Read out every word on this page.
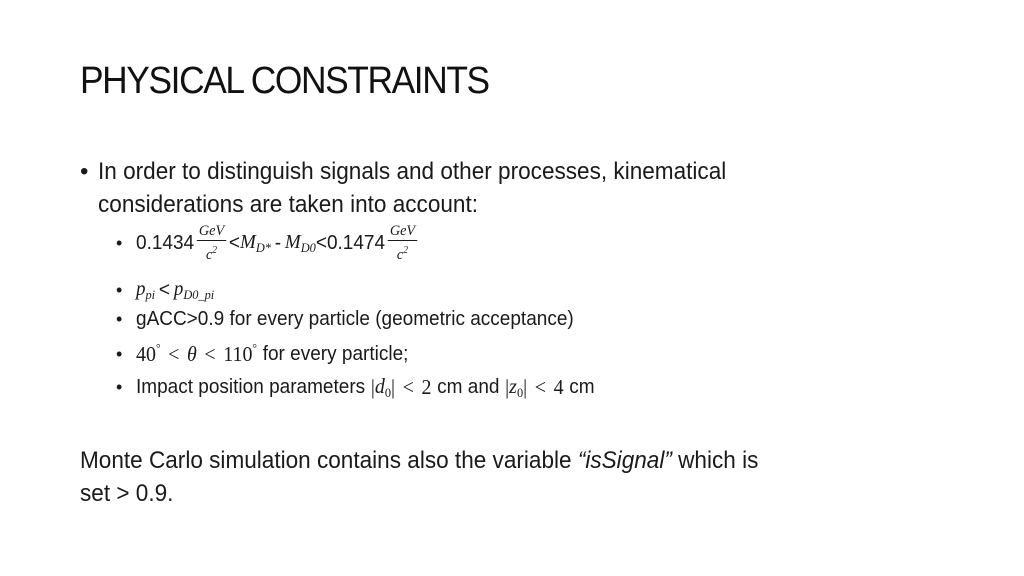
PHYSICAL CONSTRAINTS
• In order to distinguish signals and other processes, kinematical
considerations are taken into account:
• $0.1434 \frac{\text{GeV}}{c^2} < M_{D*} - M_{D0} < 0.1474 \frac{\text{GeV}}{c^2}$
• $p_{pi} < p_{D0\_pi}$
• gACC>0.9 for every particle (geometric acceptance)
• 40° < θ < 110° for every particle;
• Impact position parameters | $d_0$ | < 2 cm and | $z_0$ | < 4 cm
Monte Carlo simulation contains also the variable “isSignal” which is
set > 0.9.
